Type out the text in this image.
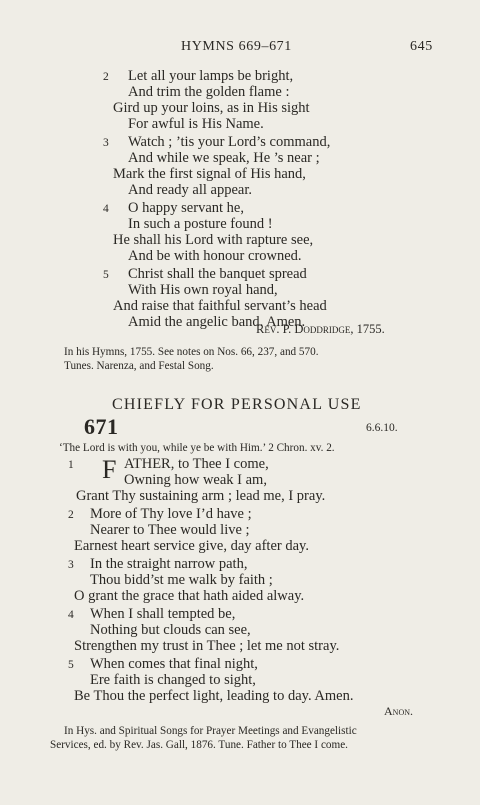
HYMNS 669–671	645
2 Let all your lamps be bright,
And trim the golden flame :
Gird up your loins, as in His sight
For awful is His Name.
3 Watch ; ’tis your Lord’s command,
And while we speak, He ’s near ;
Mark the first signal of His hand,
And ready all appear.
4 O happy servant he,
In such a posture found !
He shall his Lord with rapture see,
And be with honour crowned.
5 Christ shall the banquet spread
With His own royal hand,
And raise that faithful servant’s head
Amid the angelic band. Amen.
Rev. P. Doddridge, 1755.
In his Hymns, 1755. See notes on Nos. 66, 237, and 570.
Tunes. Narenza, and Festal Song.
CHIEFLY FOR PERSONAL USE
671	6.6.10.
‘The Lord is with you, while ye be with Him.’ 2 Chron. xv. 2.
1 F ATHER, to Thee I come,
Owning how weak I am,
Grant Thy sustaining arm ; lead me, I pray.
2 More of Thy love I’d have ;
Nearer to Thee would live ;
Earnest heart service give, day after day.
3 In the straight narrow path,
Thou bidd’st me walk by faith ;
O grant the grace that hath aided alway.
4 When I shall tempted be,
Nothing but clouds can see,
Strengthen my trust in Thee ; let me not stray.
5 When comes that final night,
Ere faith is changed to sight,
Be Thou the perfect light, leading to day. Amen.
Anon.
In Hys. and Spiritual Songs for Prayer Meetings and Evangelistic
Services, ed. by Rev. Jas. Gall, 1876. Tune. Father to Thee I come.
